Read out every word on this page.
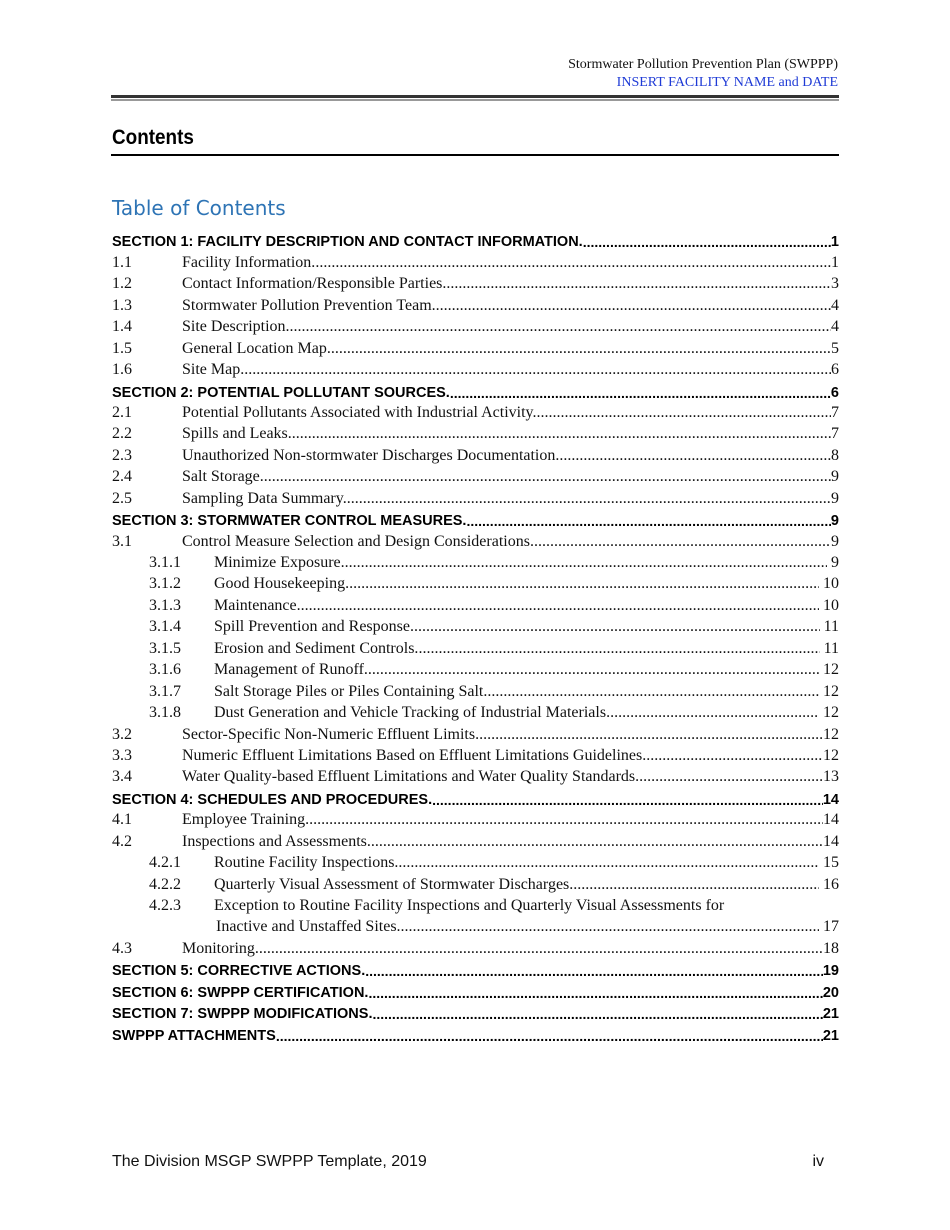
Stormwater Pollution Prevention Plan (SWPPP)
INSERT FACILITY NAME and DATE
Contents
Table of Contents
SECTION 1: FACILITY DESCRIPTION AND CONTACT INFORMATION. .....	1
1.1	Facility Information. .....	1
1.2	Contact Information/Responsible Parties. .....	3
1.3	Stormwater Pollution Prevention Team. .....	4
1.4	Site Description. .....	4
1.5	General Location Map. .....	5
1.6	Site Map. .....	6
SECTION 2: POTENTIAL POLLUTANT SOURCES. .....	6
2.1	Potential Pollutants Associated with Industrial Activity. .....	7
2.2	Spills and Leaks. .....	7
2.3	Unauthorized Non-stormwater Discharges Documentation. .....	8
2.4	Salt Storage. .....	9
2.5	Sampling Data Summary. .....	9
SECTION 3: STORMWATER CONTROL MEASURES. .....	9
3.1	Control Measure Selection and Design Considerations. .....	9
3.1.1	Minimize Exposure. .....	9
3.1.2	Good Housekeeping. .....	10
3.1.3	Maintenance. .....	10
3.1.4	Spill Prevention and Response. .....	11
3.1.5	Erosion and Sediment Controls. .....	11
3.1.6	Management of Runoff. .....	12
3.1.7	Salt Storage Piles or Piles Containing Salt. .....	12
3.1.8	Dust Generation and Vehicle Tracking of Industrial Materials. .....	12
3.2	Sector-Specific Non-Numeric Effluent Limits. .....	12
3.3	Numeric Effluent Limitations Based on Effluent Limitations Guidelines. .....	12
3.4	Water Quality-based Effluent Limitations and Water Quality Standards. .....	13
SECTION 4: SCHEDULES AND PROCEDURES. .....	14
4.1	Employee Training. .....	14
4.2	Inspections and Assessments. .....	14
4.2.1	Routine Facility Inspections. .....	15
4.2.2	Quarterly Visual Assessment of Stormwater Discharges. .....	16
4.2.3	Exception to Routine Facility Inspections and Quarterly Visual Assessments for
Inactive and Unstaffed Sites. .....	17
4.3	Monitoring. .....	18
SECTION 5: CORRECTIVE ACTIONS. .....	19
SECTION 6: SWPPP CERTIFICATION. .....	20
SECTION 7: SWPPP MODIFICATIONS. .....	21
SWPPP ATTACHMENTS .....	21
The Division MSGP SWPPP Template, 2019	iv
